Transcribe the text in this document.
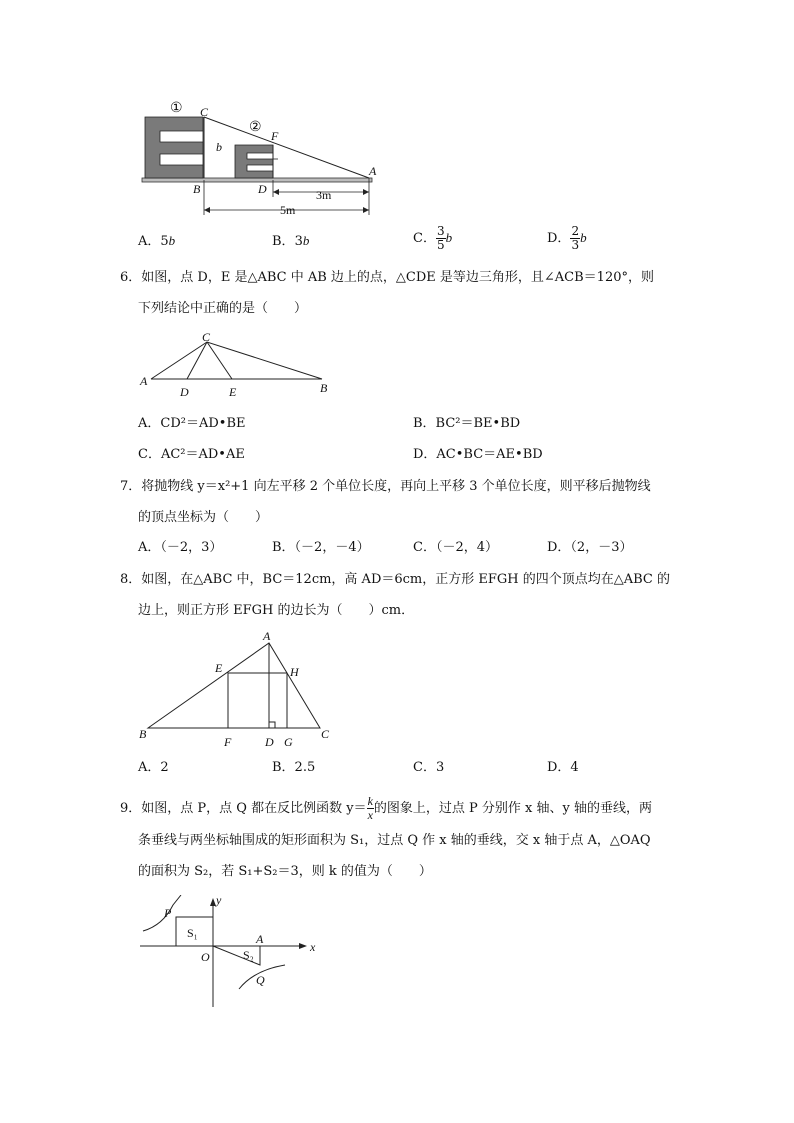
① C
②
F
b
A
B	D	3m
5m
A．5b	B．3b	C． $\frac{3}{5}$ b	D． $\frac{2}{3}$ b
6．如图，点 D，E 是△ABC 中 AB 边上的点，△CDE 是等边三角形，且∠ACB＝120°，则
下列结论中正确的是（　　）
C
A
D	E	B
A．CD²＝AD•BE	B．BC²＝BE•BD
C．AC²＝AD•AE	D．AC•BC＝AE•BD
7．将抛物线 y＝x²+1 向左平移 2 个单位长度，再向上平移 3 个单位长度，则平移后抛物线
的顶点坐标为（　　）
A．（－2，3）	B．（－2，－4）	C．（－2，4）	D．（2，－3）
8．如图，在△ABC 中，BC＝12cm，高 AD＝6cm，正方形 EFGH 的四个顶点均在△ABC 的
边上，则正方形 EFGH 的边长为（　　）cm．
A
E	H
B
F	D G
C
A．2	B．2.5	C．3	D．4
9．如图，点 P，点 Q 都在反比例函数 $y= \frac{k}{x}$ 的图象上，过点 P 分别作 x 轴、y 轴的垂线，两
条垂线与两坐标轴围成的矩形面积为 S₁，过点 Q 作 x 轴的垂线，交 x 轴于点 A，△OAQ
的面积为 S₂，若 S₁+S₂＝3，则 k 的值为（　　）
y
P
S₁	A
x
O	S₂
Q
